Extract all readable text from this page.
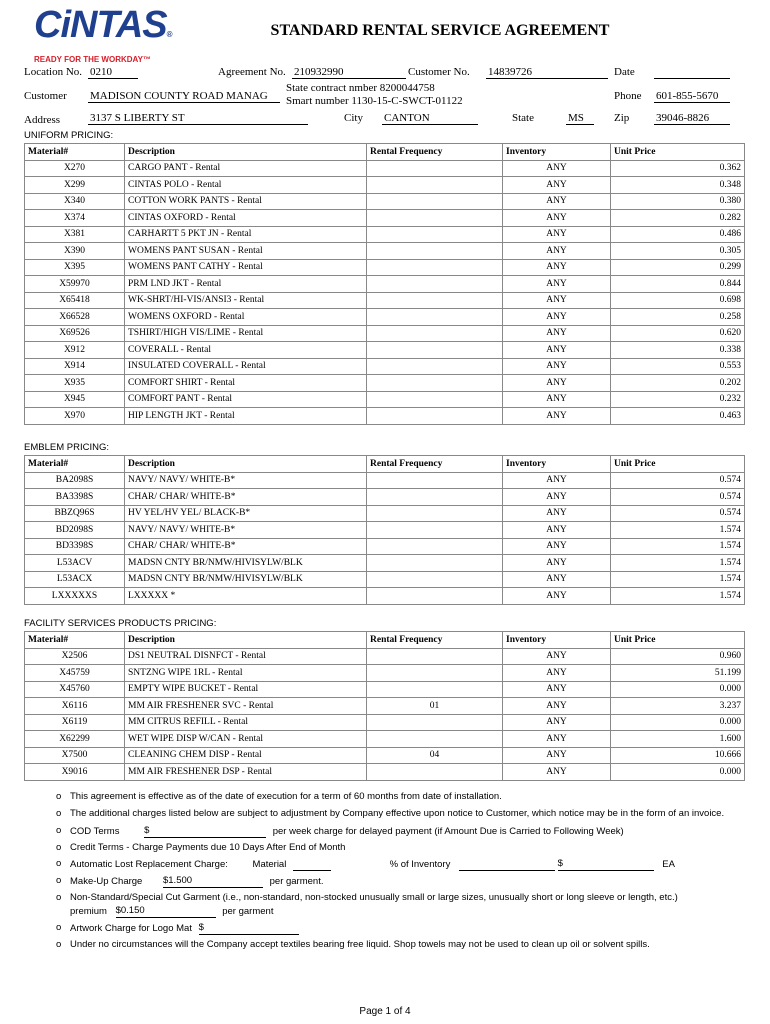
CiNTAS®
READY FOR THE WORKDAY™
STANDARD RENTAL SERVICE AGREEMENT
Location No. 0210	Agreement No. 210932990	Customer No. 14839726	Date
Customer MADISON COUNTY ROAD MANAG
State contract nmber 8200044758
Smart number 1130-15-C-SWCT-01122	Phone 601-855-5670
Address	3137 S LIBERTY ST	City CANTON	State	MS	Zip 39046-8826
UNIFORM PRICING:
Material#	Description	Rental Frequency	Inventory	Unit Price
X270	CARGO PANT - Rental		ANY	0.362
X299	CINTAS POLO - Rental		ANY	0.348
X340	COTTON WORK PANTS - Rental		ANY	0.380
X374	CINTAS OXFORD - Rental		ANY	0.282
X381	CARHARTT 5 PKT JN - Rental		ANY	0.486
X390	WOMENS PANT SUSAN - Rental		ANY	0.305
X395	WOMENS PANT CATHY - Rental		ANY	0.299
X59970	PRM LND JKT - Rental		ANY	0.844
X65418	WK-SHRT/HI-VIS/ANSI3 - Rental		ANY	0.698
X66528	WOMENS OXFORD - Rental		ANY	0.258
X69526	TSHIRT/HIGH VIS/LIME - Rental		ANY	0.620
X912	COVERALL - Rental		ANY	0.338
X914	INSULATED COVERALL - Rental		ANY	0.553
X935	COMFORT SHIRT - Rental		ANY	0.202
X945	COMFORT PANT - Rental		ANY	0.232
X970	HIP LENGTH JKT - Rental		ANY	0.463
EMBLEM PRICING:
Material#	Description	Rental Frequency	Inventory	Unit Price
BA2098S	NAVY/ NAVY/ WHITE-B*		ANY	0.574
BA3398S	CHAR/ CHAR/ WHITE-B*		ANY	0.574
BBZQ96S	HV YEL/HV YEL/ BLACK-B*		ANY	0.574
BD2098S	NAVY/ NAVY/ WHITE-B*		ANY	1.574
BD3398S	CHAR/ CHAR/ WHITE-B*		ANY	1.574
L53ACV	MADSN CNTY BR/NMW/HIVISYLW/BLK		ANY	1.574
L53ACX	MADSN CNTY BR/NMW/HIVISYLW/BLK		ANY	1.574
LXXXXXS	LXXXXX *		ANY	1.574
FACILITY SERVICES PRODUCTS PRICING:
Material#	Description	Rental Frequency	Inventory	Unit Price
X2506	DS1 NEUTRAL DISNFCT - Rental		ANY	0.960
X45759	SNTZNG WIPE 1RL - Rental		ANY	51.199
X45760	EMPTY WIPE BUCKET - Rental		ANY	0.000
X6116	MM AIR FRESHENER SVC - Rental	01	ANY	3.237
X6119	MM CITRUS REFILL - Rental		ANY	0.000
X62299	WET WIPE DISP W/CAN - Rental		ANY	1.600
X7500	CLEANING CHEM DISP - Rental	04	ANY	10.666
X9016	MM AIR FRESHENER DSP - Rental		ANY	0.000

o This agreement is effective as of the date of execution for a term of 60 months from date of installation.

o The additional charges listed below are subject to adjustment by Company effective upon notice to Customer, which notice may be in the form of an invoice.

o COD Terms	$	per week charge for delayed payment (if Amount Due is Carried to Following Week)

o Credit Terms - Charge Payments due 10 Days After End of Month

o Automatic Lost Replacement Charge:	Material	% of Inventory	$	EA

o Make-Up Charge $1.500	per garment.

o Non-Standard/Special Cut Garment (i.e., non-standard, non-stocked unusually small or large sizes, unusually short or long sleeve or length, etc.)
premium $0.150	per garment

o Artwork Charge for Logo Mat $

o Under no circumstances will the Company accept textiles bearing free liquid. Shop towels may not be used to clean up oil or solvent spills.

Page 1 of 4
